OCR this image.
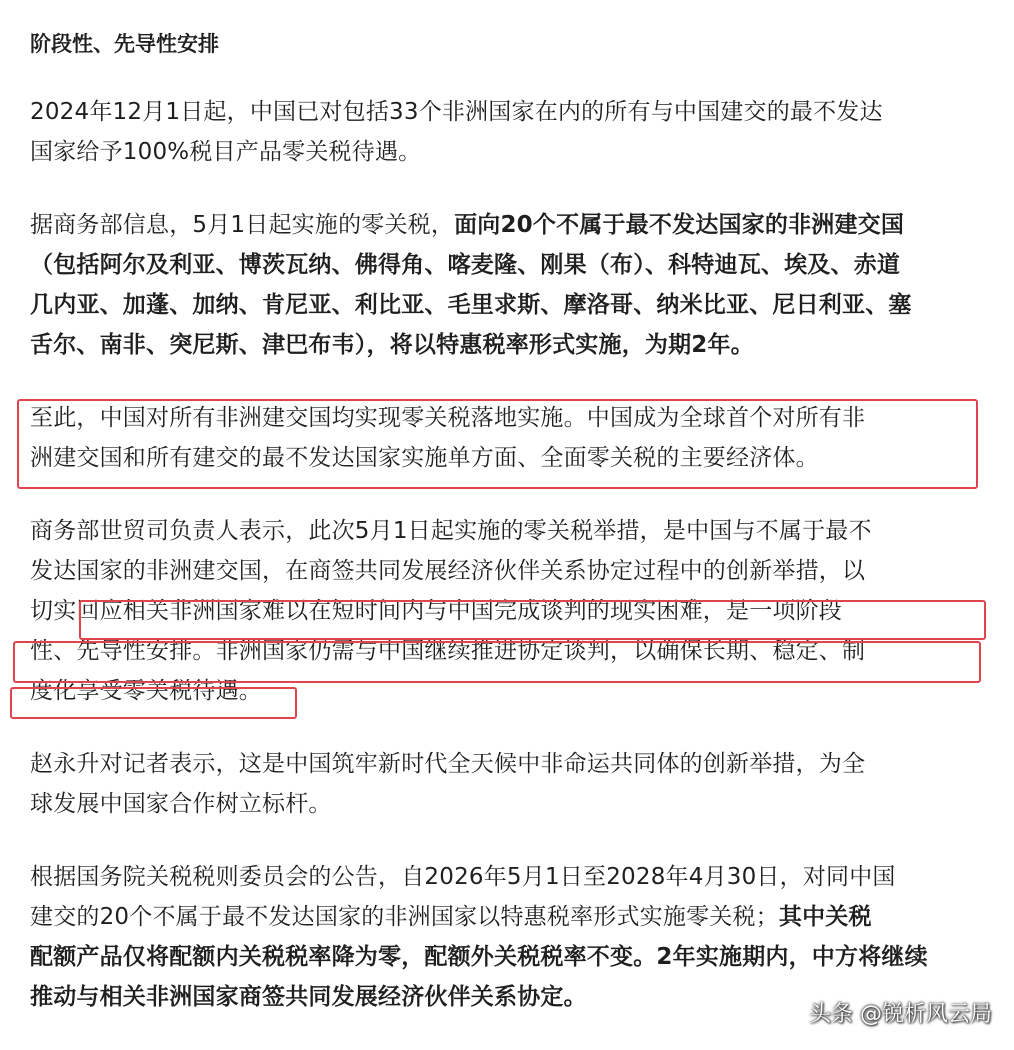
阶段性、先导性安排
2024年12月1日起，中国已对包括33个非洲国家在内的所有与中国建交的最不发达
国家给予100%税目产品零关税待遇。
据商务部信息，5月1日起实施的零关税，面向20个不属于最不发达国家的非洲建交国
（包括阿尔及利亚、博茨瓦纳、佛得角、喀麦隆、刚果（布）、科特迪瓦、埃及、赤道
几内亚、加蓬、加纳、肯尼亚、利比亚、毛里求斯、摩洛哥、纳米比亚、尼日利亚、塞
舌尔、南非、突尼斯、津巴布韦），将以特惠税率形式实施，为期2年。
至此，中国对所有非洲建交国均实现零关税落地实施。中国成为全球首个对所有非
洲建交国和所有建交的最不发达国家实施单方面、全面零关税的主要经济体。
商务部世贸司负责人表示，此次5月1日起实施的零关税举措，是中国与不属于最不
发达国家的非洲建交国，在商签共同发展经济伙伴关系协定过程中的创新举措，以
切实回应相关非洲国家难以在短时间内与中国完成谈判的现实困难，是一项阶段
性、先导性安排。非洲国家仍需与中国继续推进协定谈判，以确保长期、稳定、制
度化享受零关税待遇。
赵永升对记者表示，这是中国筑牢新时代全天候中非命运共同体的创新举措，为全
球发展中国家合作树立标杆。
根据国务院关税税则委员会的公告，自2026年5月1日至2028年4月30日，对同中国
建交的20个不属于最不发达国家的非洲国家以特惠税率形式实施零关税；其中关税
配额产品仅将配额内关税税率降为零，配额外关税税率不变。2年实施期内，中方将继续
推动与相关非洲国家商签共同发展经济伙伴关系协定。
头条 @锐析风云局
